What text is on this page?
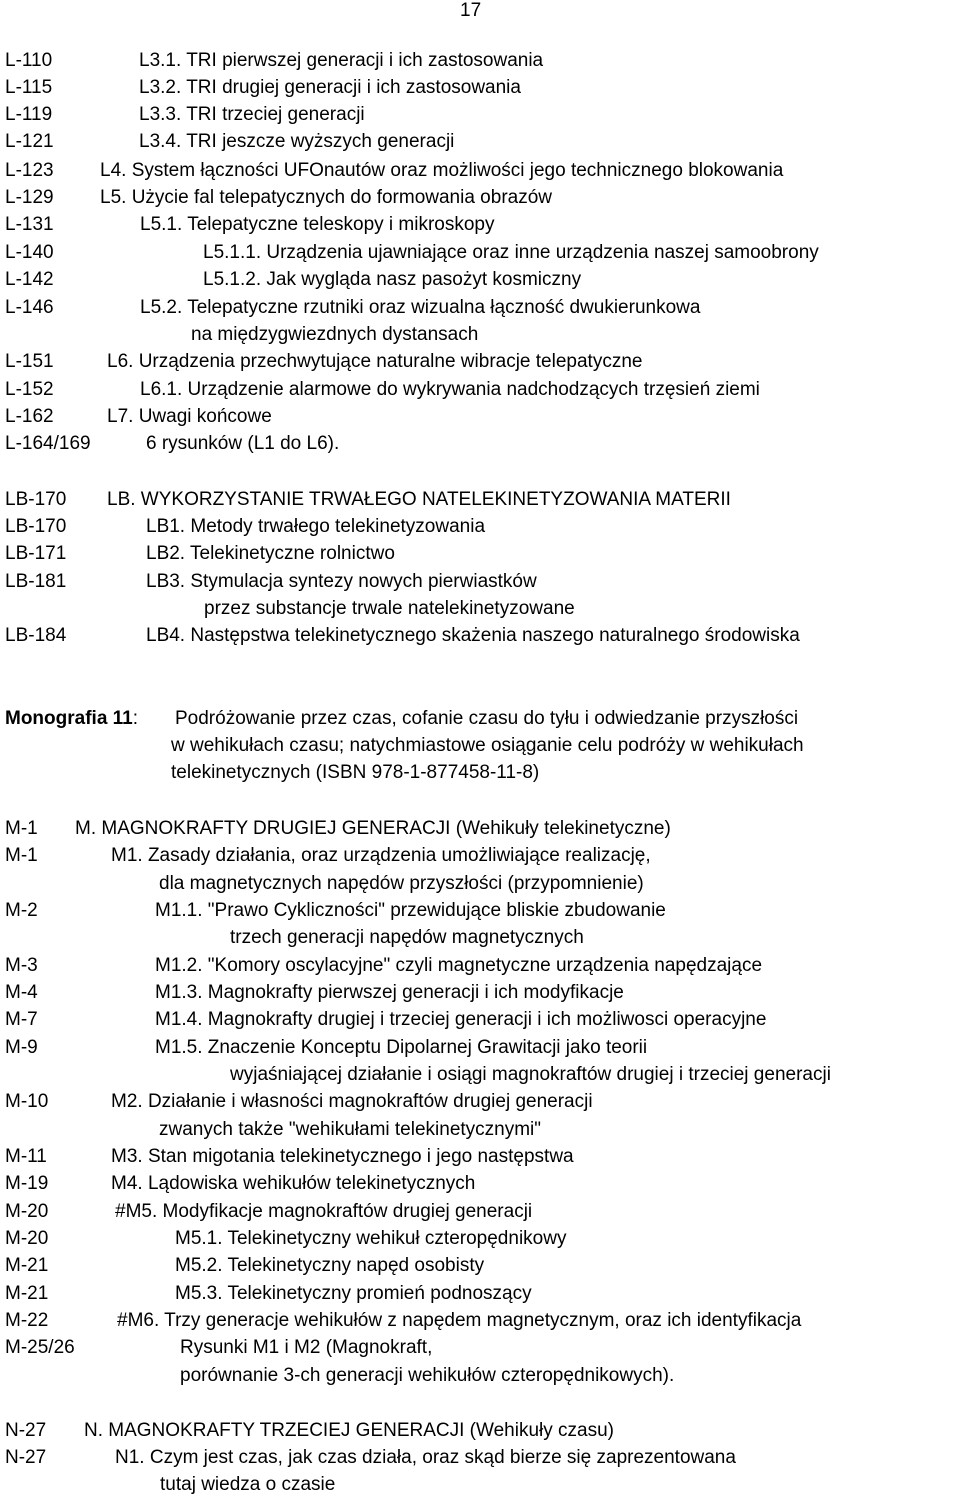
17
L-110	L3.1. TRI pierwszej generacji i ich zastosowania
L-115	L3.2. TRI drugiej generacji i ich zastosowania
L-119	L3.3. TRI trzeciej generacji
L-121	L3.4. TRI jeszcze wyższych generacji
L-123 L4. System łączności UFOnautów oraz możliwości jego technicznego blokowania
L-129 L5. Użycie fal telepatycznych do formowania obrazów
L-131	L5.1. Telepatyczne teleskopy i mikroskopy
L-140	L5.1.1. Urządzenia ujawniające oraz inne urządzenia naszej samoobrony
L-142	L5.1.2. Jak wygląda nasz pasożyt kosmiczny
L-146	L5.2. Telepatyczne rzutniki oraz wizualna łączność dwukierunkowa
na międzygwiezdnych dystansach
L-151	L6. Urządzenia przechwytujące naturalne wibracje telepatyczne
L-152	L6.1. Urządzenie alarmowe do wykrywania nadchodzących trzęsień ziemi
L-162	L7. Uwagi końcowe
L-164/169	6 rysunków (L1 do L6).
LB-170 LB. WYKORZYSTANIE TRWAŁEGO NATELEKINETYZOWANIA MATERII
LB-170	LB1. Metody trwałego telekinetyzowania
LB-171	LB2. Telekinetyczne rolnictwo
LB-181	LB3. Stymulacja syntezy nowych pierwiastków
przez substancje trwale natelekinetyzowane
LB-184	LB4. Następstwa telekinetycznego skażenia naszego naturalnego środowiska
Monografia 11: Podróżowanie przez czas, cofanie czasu do tyłu i odwiedzanie przyszłości
w wehikułach czasu; natychmiastowe osiąganie celu podróży w wehikułach
telekinetycznych (ISBN 978-1-877458-11-8)
M-1 M. MAGNOKRAFTY DRUGIEJ GENERACJI (Wehikuły telekinetyczne)
M-1	M1. Zasady działania, oraz urządzenia umożliwiające realizację,
dla magnetycznych napędów przyszłości (przypomnienie)
M-2	M1.1. "Prawo Cykliczności" przewidujące bliskie zbudowanie
trzech generacji napędów magnetycznych
M-3	M1.2. "Komory oscylacyjne" czyli magnetyczne urządzenia napędzające
M-4	M1.3. Magnokrafty pierwszej generacji i ich modyfikacje
M-7	M1.4. Magnokrafty drugiej i trzeciej generacji i ich możliwosci operacyjne
M-9	M1.5. Znaczenie Konceptu Dipolarnej Grawitacji jako teorii
wyjaśniającej działanie i osiągi magnokraftów drugiej i trzeciej generacji
M-10	M2. Działanie i własności magnokraftów drugiej generacji
zwanych także "wehikułami telekinetycznymi"
M-11	M3. Stan migotania telekinetycznego i jego następstwa
M-19	M4. Lądowiska wehikułów telekinetycznych
M-20	#M5. Modyfikacje magnokraftów drugiej generacji
M-20	M5.1. Telekinetyczny wehikuł czteropędnikowy
M-21	M5.2. Telekinetyczny napęd osobisty
M-21	M5.3. Telekinetyczny promień podnoszący
M-22	#M6. Trzy generacje wehikułów z napędem magnetycznym, oraz ich identyfikacja
M-25/26	Rysunki M1 i M2 (Magnokraft,
porównanie 3-ch generacji wehikułów czteropędnikowych).
N-27 N. MAGNOKRAFTY TRZECIEJ GENERACJI (Wehikuły czasu)
N-27	N1. Czym jest czas, jak czas działa, oraz skąd bierze się zaprezentowana
tutaj wiedza o czasie
